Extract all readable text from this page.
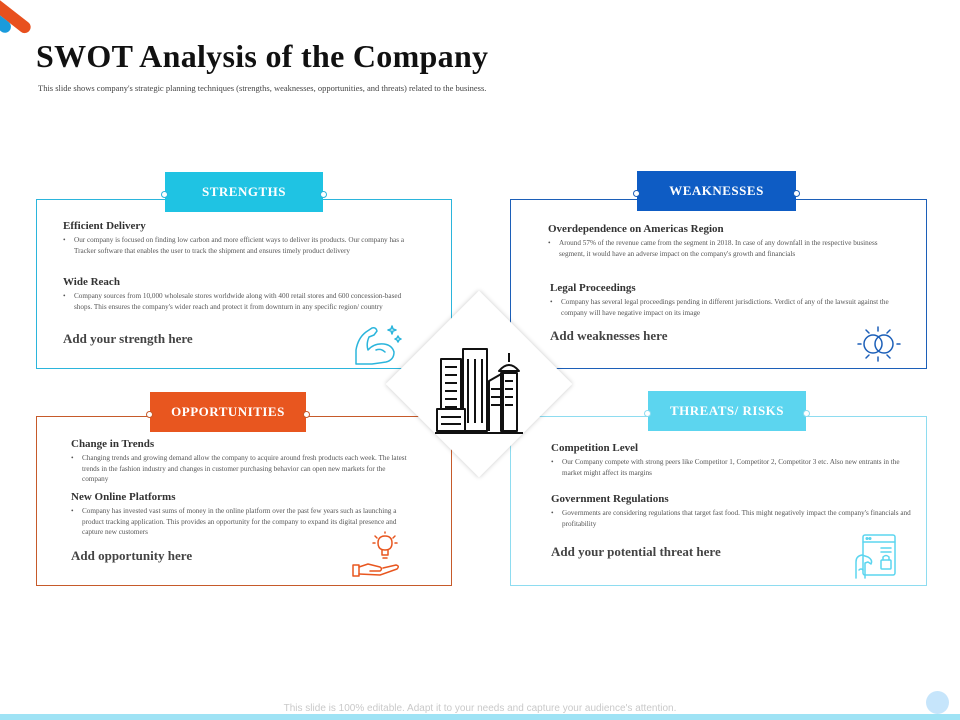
SWOT Analysis of the Company
This slide shows company's strategic planning techniques (strengths, weaknesses, opportunities, and threats) related to the business.
STRENGTHS
Efficient Delivery
• Our company is focused on finding low carbon and more efficient ways to deliver its products. Our company has a Tracker software that enables the user to track the shipment and ensures timely product delivery
Wide Reach
• Company sources from 10,000 wholesale stores worldwide along with 400 retail stores and 600 concession-based shops. This ensures the company's wider reach and protect it from downturn in any specific region/ country
Add your strength here
WEAKNESSES
Overdependence on Americas Region
• Around 57% of the revenue came from the segment in 2018. In case of any downfall in the respective business segment, it would have an adverse impact on the company's growth and financials
Legal Proceedings
• Company has several legal proceedings pending in different jurisdictions. Verdict of any of the lawsuit against the company will have negative impact on its image
Add weaknesses here
OPPORTUNITIES
Change in Trends
• Changing trends and growing demand allow the company to acquire around fresh products each week. The latest trends in the fashion industry and changes in customer purchasing behavior can open new markets for the company
New Online Platforms
• Company has invested vast sums of money in the online platform over the past few years such as launching a product tracking application. This provides an opportunity for the company to expand its digital presence and capture new customers
Add opportunity here
THREATS/ RISKS
Competition Level
• Our Company compete with strong peers like Competitor 1, Competitor 2, Competitor 3 etc. Also new entrants in the market might affect its margins
Government Regulations
• Governments are considering regulations that target fast food. This might negatively impact the company's financials and profitability
Add your potential threat here
This slide is 100% editable. Adapt it to your needs and capture your audience's attention.
